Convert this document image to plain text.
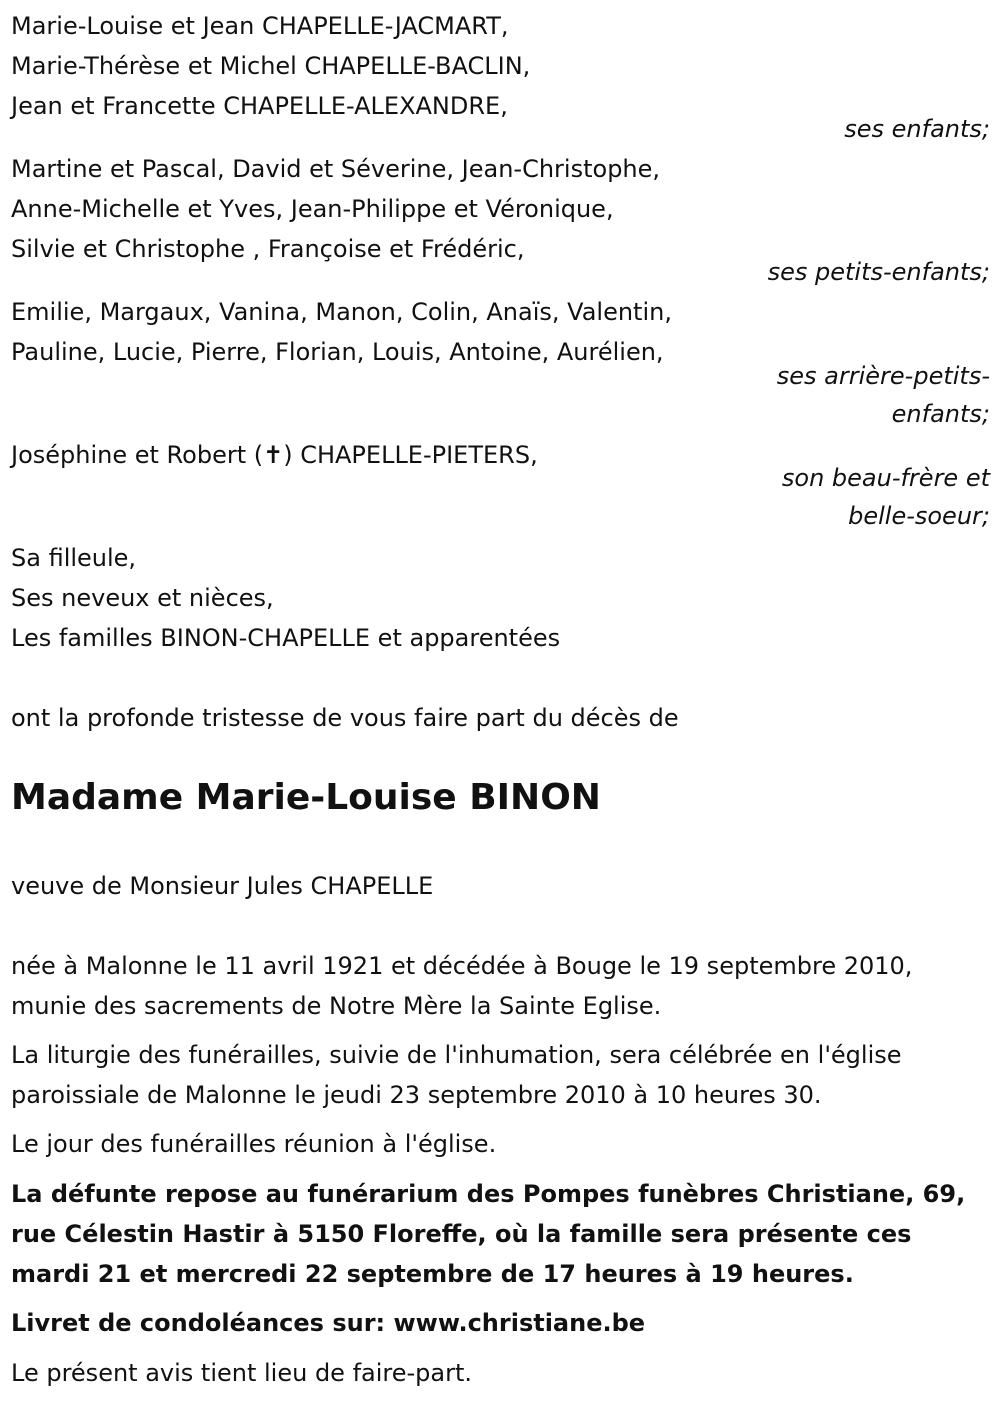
Marie-Louise et Jean CHAPELLE-JACMART,
Marie-Thérèse et Michel CHAPELLE-BACLIN,
Jean et Francette CHAPELLE-ALEXANDRE,
ses enfants;
Martine et Pascal, David et Séverine, Jean-Christophe,
Anne-Michelle et Yves, Jean-Philippe et Véronique,
Silvie et Christophe , Françoise et Frédéric,
ses petits-enfants;
Emilie, Margaux, Vanina, Manon, Colin, Anaïs, Valentin,
Pauline, Lucie, Pierre, Florian, Louis, Antoine, Aurélien,
ses arrière-petits-
enfants;
Joséphine et Robert (✝) CHAPELLE-PIETERS,
son beau-frère et
belle-soeur;
Sa filleule,
Ses neveux et nièces,
Les familles BINON-CHAPELLE et apparentées
ont la profonde tristesse de vous faire part du décès de
Madame Marie-Louise BINON
veuve de Monsieur Jules CHAPELLE
née à Malonne le 11 avril 1921 et décédée à Bouge le 19 septembre 2010,
munie des sacrements de Notre Mère la Sainte Eglise.
La liturgie des funérailles, suivie de l'inhumation, sera célébrée en l'église
paroissiale de Malonne le jeudi 23 septembre 2010 à 10 heures 30.
Le jour des funérailles réunion à l'église.
La défunte repose au funérarium des Pompes funèbres Christiane, 69,
rue Célestin Hastir à 5150 Floreffe, où la famille sera présente ces
mardi 21 et mercredi 22 septembre de 17 heures à 19 heures.
Livret de condoléances sur: www.christiane.be
Le présent avis tient lieu de faire-part.
